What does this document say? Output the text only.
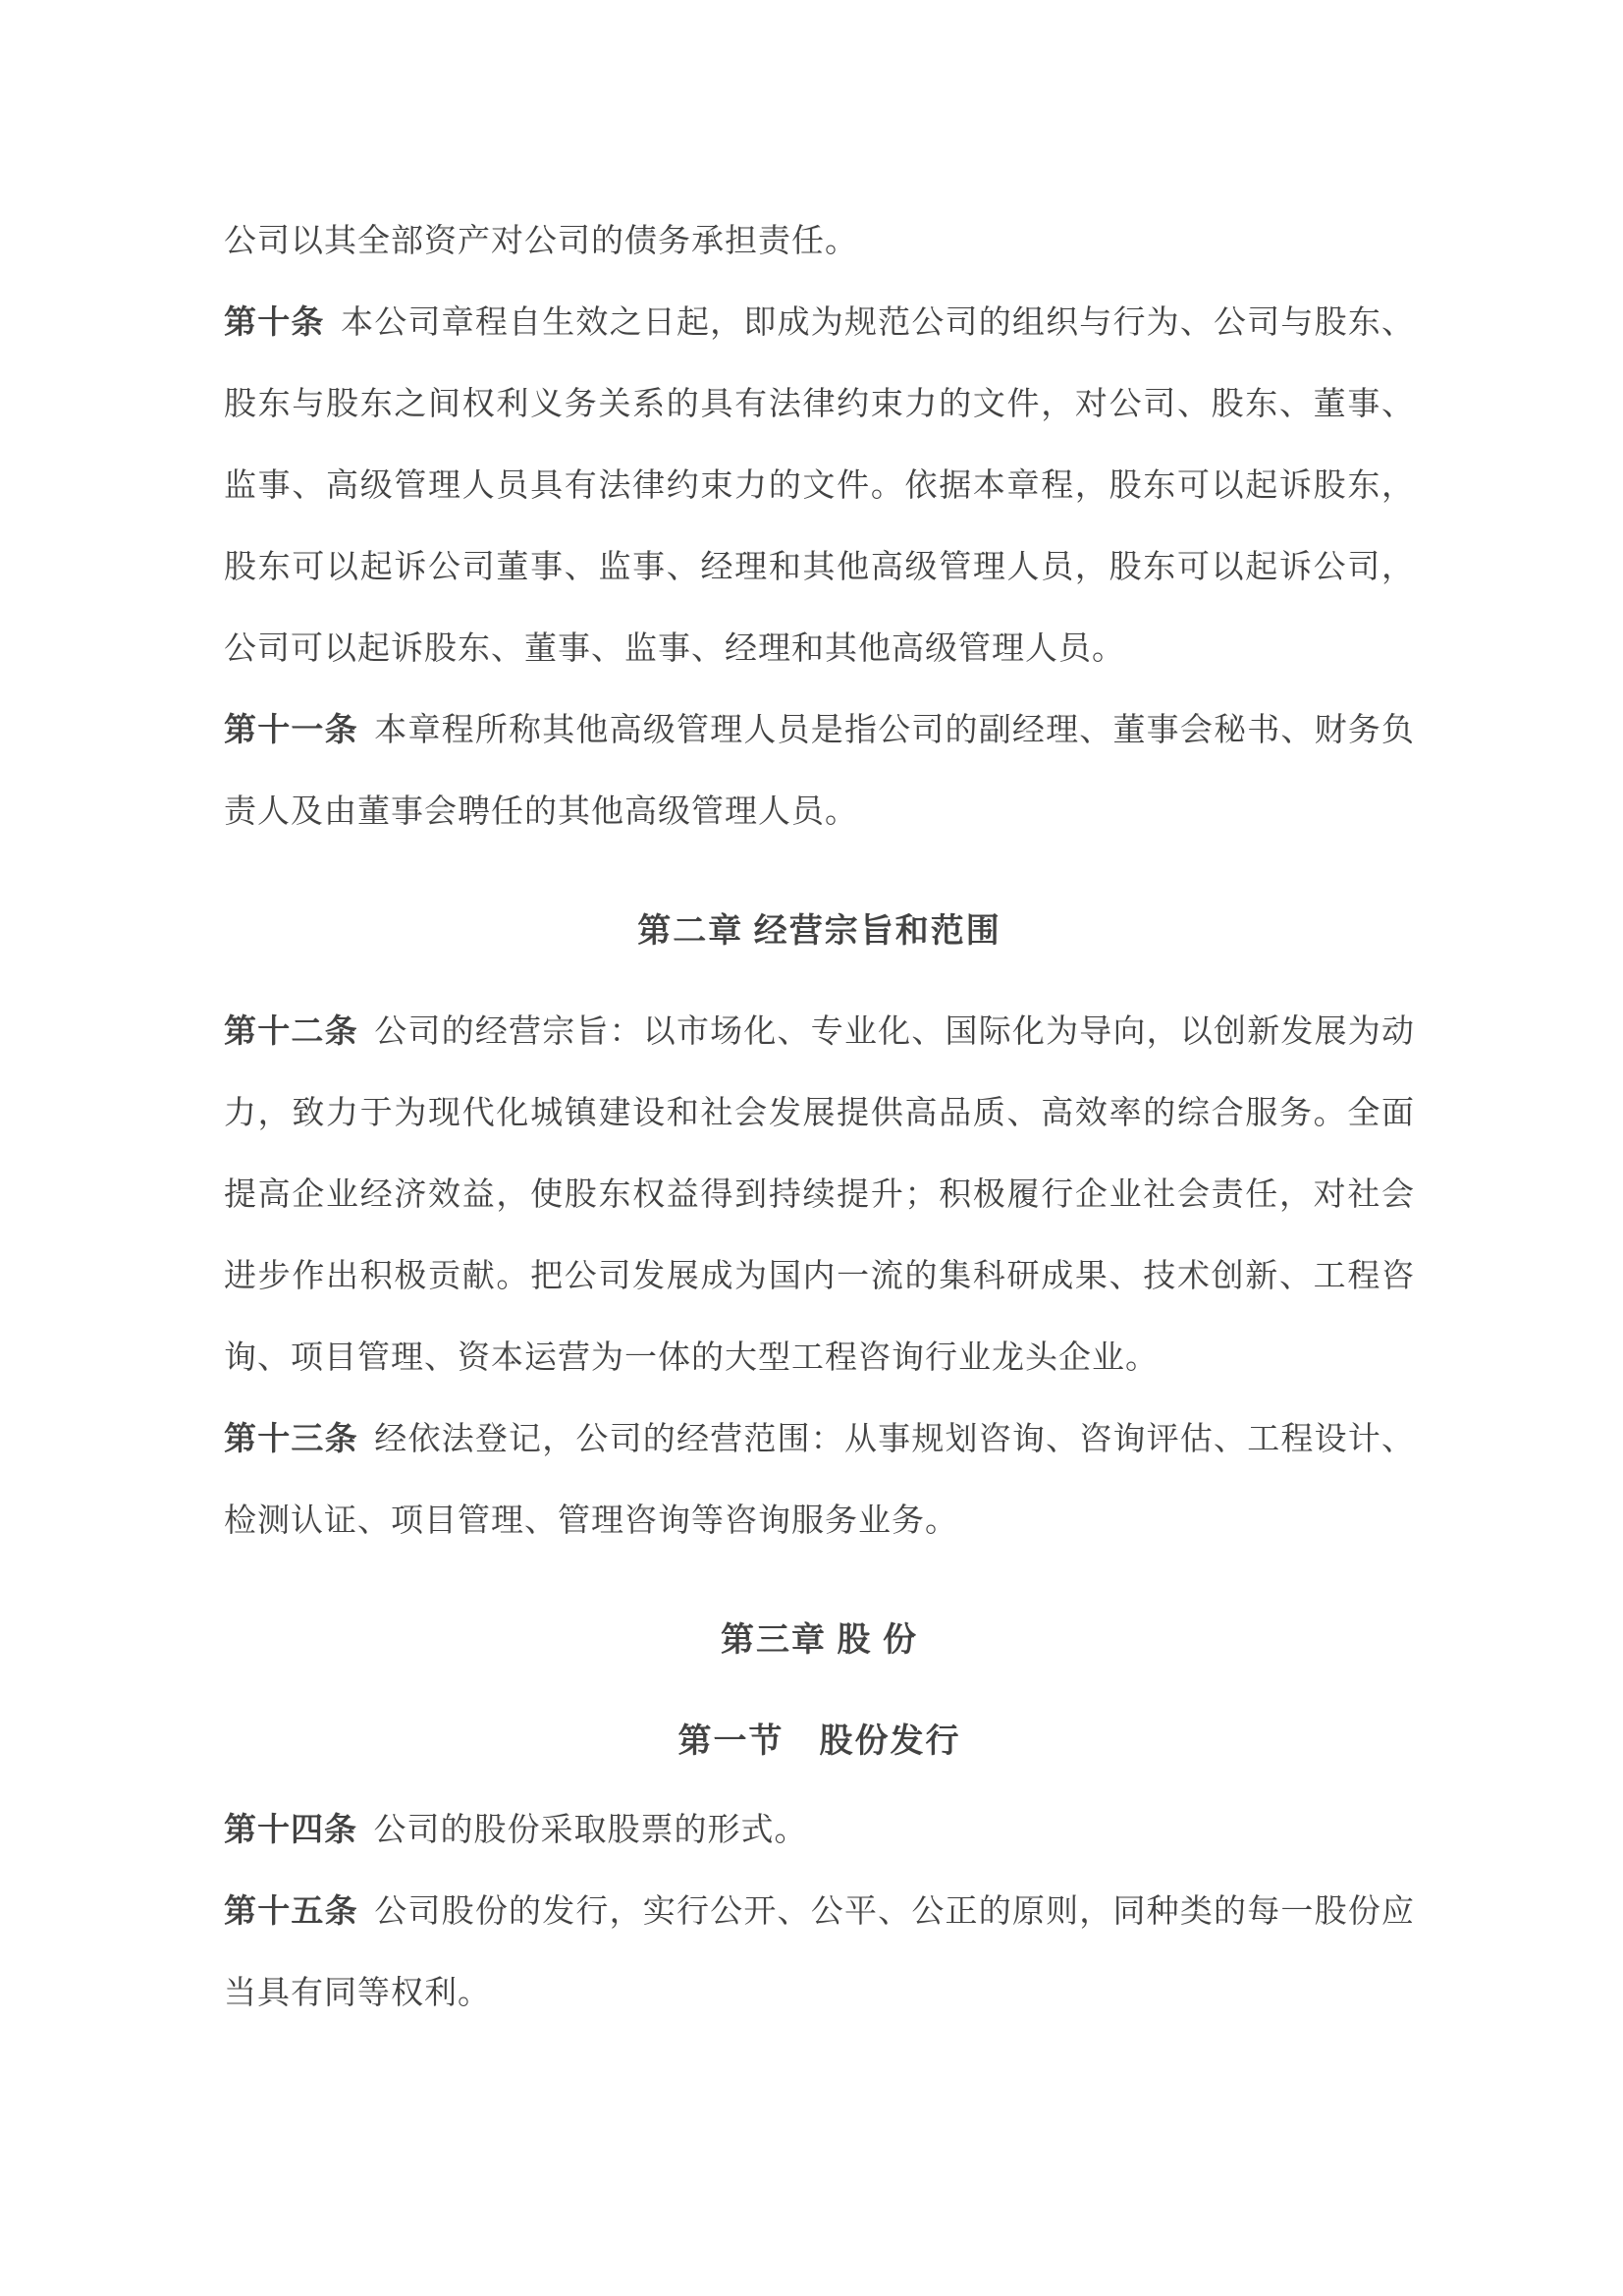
公司以其全部资产对公司的债务承担责任。

第十条 本公司章程自生效之日起，即成为规范公司的组织与行为、公司与股东、股东与股东之间权利义务关系的具有法律约束力的文件，对公司、股东、董事、监事、高级管理人员具有法律约束力的文件。依据本章程，股东可以起诉股东，股东可以起诉公司董事、监事、经理和其他高级管理人员，股东可以起诉公司，公司可以起诉股东、董事、监事、经理和其他高级管理人员。

第十一条 本章程所称其他高级管理人员是指公司的副经理、董事会秘书、财务负责人及由董事会聘任的其他高级管理人员。

第二章 经营宗旨和范围

第十二条 公司的经营宗旨：以市场化、专业化、国际化为导向，以创新发展为动力，致力于为现代化城镇建设和社会发展提供高品质、高效率的综合服务。全面提高企业经济效益，使股东权益得到持续提升；积极履行企业社会责任，对社会进步作出积极贡献。把公司发展成为国内一流的集科研成果、技术创新、工程咨询、项目管理、资本运营为一体的大型工程咨询行业龙头企业。

第十三条 经依法登记，公司的经营范围：从事规划咨询、咨询评估、工程设计、检测认证、项目管理、管理咨询等咨询服务业务。

第三章 股 份
第一节　股份发行

第十四条 公司的股份采取股票的形式。

第十五条 公司股份的发行，实行公开、公平、公正的原则，同种类的每一股份应当具有同等权利。
